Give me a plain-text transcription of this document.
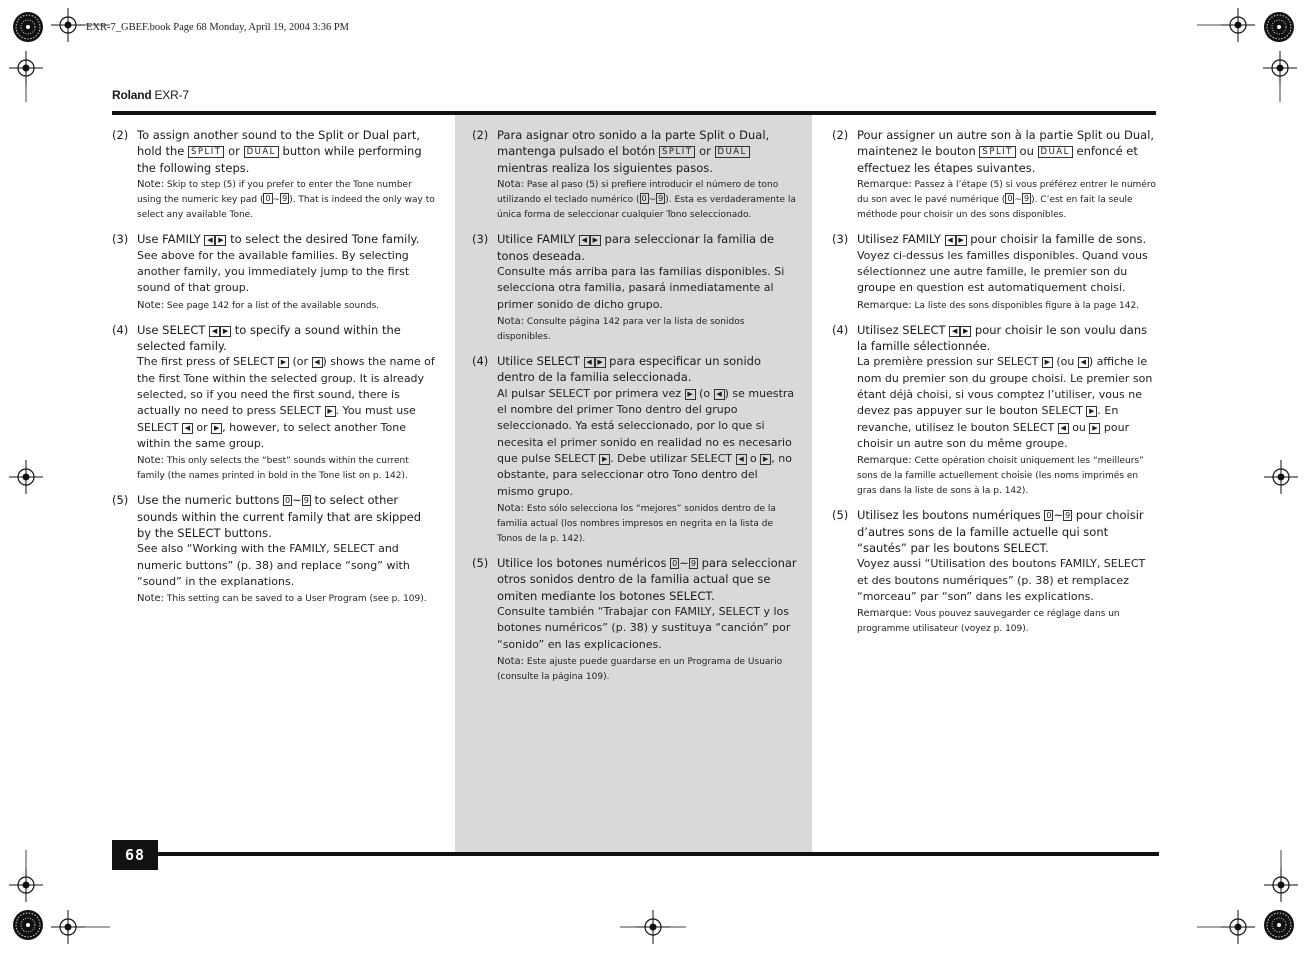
EXR-7_GBEF.book Page 68 Monday, April 19, 2004 3:36 PM
Roland EXR-7
(2) To assign another sound to the Split or Dual part, hold the SPLIT or DUAL button while performing the following steps.

Note: Skip to step (5) if you prefer to enter the Tone number using the numeric key pad ( 0 ~ 9 ). That is indeed the only way to select any available Tone.

(3) Use FAMILY ◀ ▶ to select the desired Tone family.

See above for the available families. By selecting another family, you immediately jump to the first sound of that group.

Note: See page 142 for a list of the available sounds.

(4) Use SELECT ◀ ▶ to specify a sound within the selected family.

The first press of SELECT ▶ (or ◀ ) shows the name of the first Tone within the selected group. It is already selected, so if you need the first sound, there is actually no need to press SELECT ▶ . You must use SELECT ◀ or ▶ , however, to select another Tone within the same group.

Note: This only selects the “best” sounds within the current family (the names printed in bold in the Tone list on p. 142).

(5) Use the numeric buttons 0 ~ 9 to select other sounds within the current family that are skipped by the SELECT buttons.

See also “Working with the FAMILY, SELECT and numeric buttons” (p. 38) and replace “song” with “sound” in the explanations.

Note: This setting can be saved to a User Program (see p. 109).

(2) Para asignar otro sonido a la parte Split o Dual, mantenga pulsado el botón SPLIT or DUAL mientras realiza los siguientes pasos.

Nota: Pase al paso (5) si prefiere introducir el número de tono utilizando el teclado numérico ( 0 ~ 9 ). Esta es verdaderamente la única forma de seleccionar cualquier Tono seleccionado.

(3) Utilice FAMILY ◀ ▶ para seleccionar la familia de tonos deseada.

Consulte más arriba para las familias disponibles. Si selecciona otra familia, pasará inmediatamente al primer sonido de dicho grupo.

Nota: Consulte página 142 para ver la lista de sonidos disponibles.

(4) Utilice SELECT ◀ ▶ para especificar un sonido dentro de la familia seleccionada.

Al pulsar SELECT por primera vez ▶ (o ◀ ) se muestra el nombre del primer Tono dentro del grupo seleccionado. Ya está seleccionado, por lo que si necesita el primer sonido en realidad no es necesario que pulse SELECT ▶ . Debe utilizar SELECT ◀ o ▶ , no obstante, para seleccionar otro Tono dentro del mismo grupo.

Nota: Esto sólo selecciona los “mejores” sonidos dentro de la familia actual (los nombres impresos en negrita en la lista de Tonos de la p. 142).

(5) Utilice los botones numéricos 0 ~ 9 para seleccionar otros sonidos dentro de la familia actual que se omiten mediante los botones SELECT.

Consulte también “Trabajar con FAMILY, SELECT y los botones numéricos” (p. 38) y sustituya “canción” por “sonido” en las explicaciones.

Nota: Este ajuste puede guardarse en un Programa de Usuario (consulte la página 109).

(2) Pour assigner un autre son à la partie Split ou Dual, maintenez le bouton SPLIT ou DUAL enfoncé et effectuez les étapes suivantes.

Remarque: Passez à l’étape (5) si vous préférez entrer le numéro du son avec le pavé numérique ( 0 ~ 9 ). C’est en fait la seule méthode pour choisir un des sons disponibles.

(3) Utilisez FAMILY ◀ ▶ pour choisir la famille de sons.

Voyez ci-dessus les familles disponibles. Quand vous sélectionnez une autre famille, le premier son du groupe en question est automatiquement choisi.

Remarque: La liste des sons disponibles figure à la page 142.

(4) Utilisez SELECT ◀ ▶ pour choisir le son voulu dans la famille sélectionnée.

La première pression sur SELECT ▶ (ou ◀ ) affiche le nom du premier son du groupe choisi. Le premier son étant déjà choisi, si vous comptez l’utiliser, vous ne devez pas appuyer sur le bouton SELECT ▶ . En revanche, utilisez le bouton SELECT ◀ ou ▶ pour choisir un autre son du même groupe.

Remarque: Cette opération choisit uniquement les “meilleurs” sons de la famille actuellement choisie (les noms imprimés en gras dans la liste de sons à la p. 142).

(5) Utilisez les boutons numériques 0 ~ 9 pour choisir d’autres sons de la famille actuelle qui sont “sautés” par les boutons SELECT.

Voyez aussi “Utilisation des boutons FAMILY, SELECT et des boutons numériques” (p. 38) et remplacez “morceau” par “son” dans les explications.

Remarque: Vous pouvez sauvegarder ce réglage dans un programme utilisateur (voyez p. 109).

68
